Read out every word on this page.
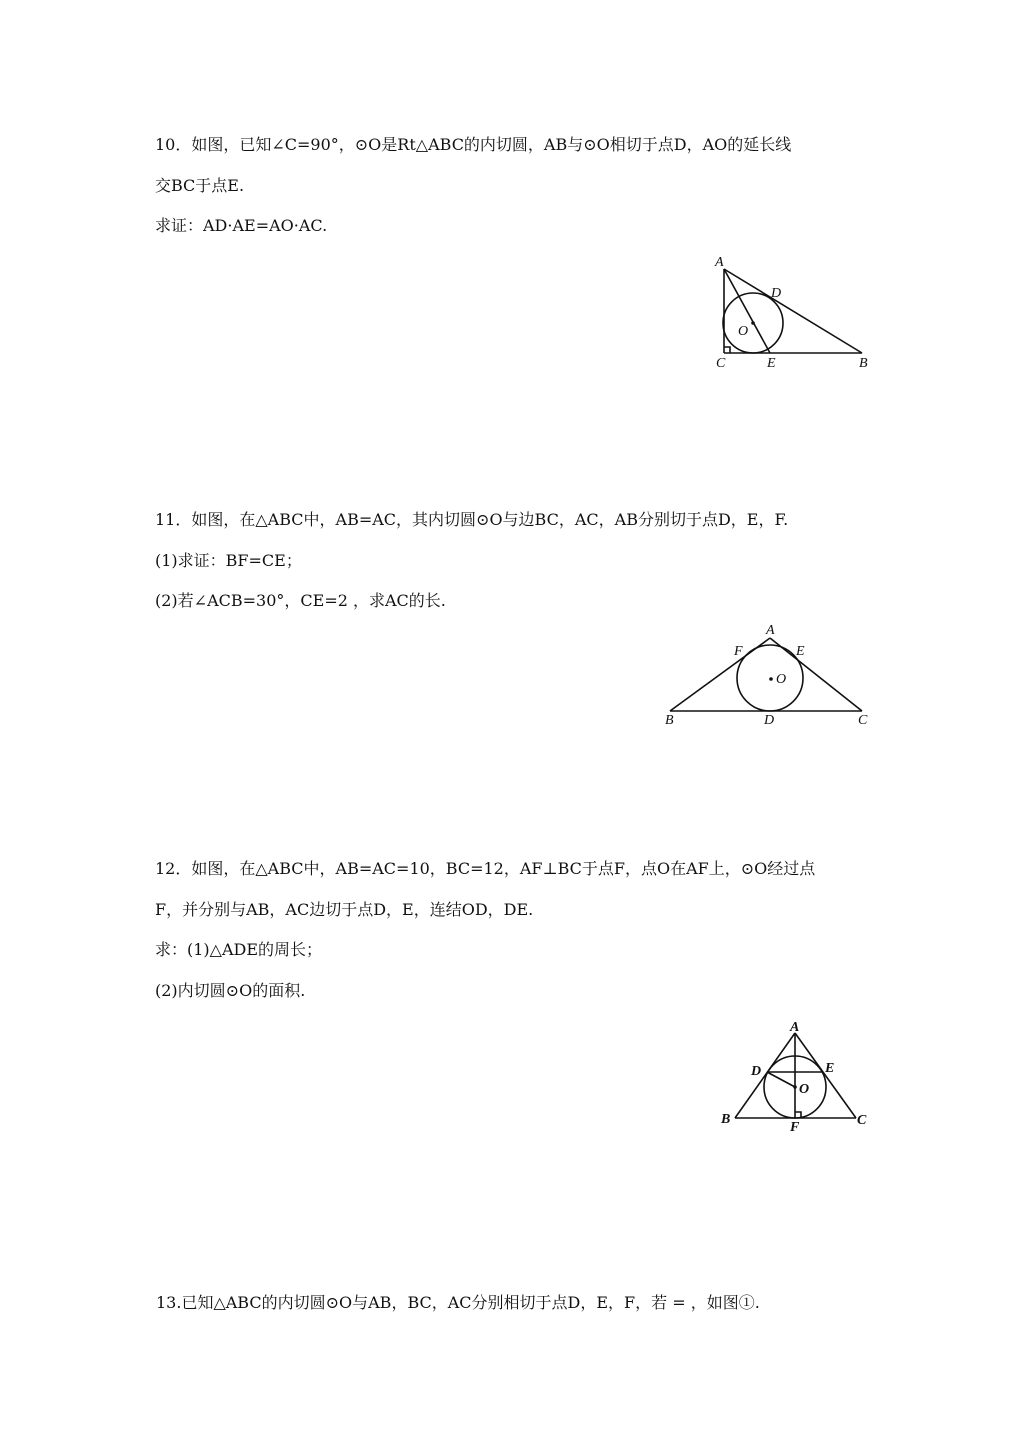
10．如图，已知∠C=90°，⊙O是Rt△ABC的内切圆，AB与⊙O相切于点D，AO的延长线
交BC于点E.
求证：AD·AE=AO·AC.
A
D
O
C	E	B
11．如图，在△ABC中，AB=AC，其内切圆⊙O与边BC，AC，AB分别切于点D，E，F.
(1)求证：BF=CE；
(2)若∠ACB=30°，CE=2 ，求AC的长.
A
F	E
O
B	D	C
12．如图，在△ABC中，AB=AC=10，BC=12，AF⊥BC于点F，点O在AF上，⊙O经过点
F，并分别与AB，AC边切于点D，E，连结OD，DE.
求：(1)△ADE的周长；
(2)内切圆⊙O的面积.
A
D	E
O
B
F	C
13.已知△ABC的内切圆⊙O与AB，BC，AC分别相切于点D，E，F，若 = ，如图①.
